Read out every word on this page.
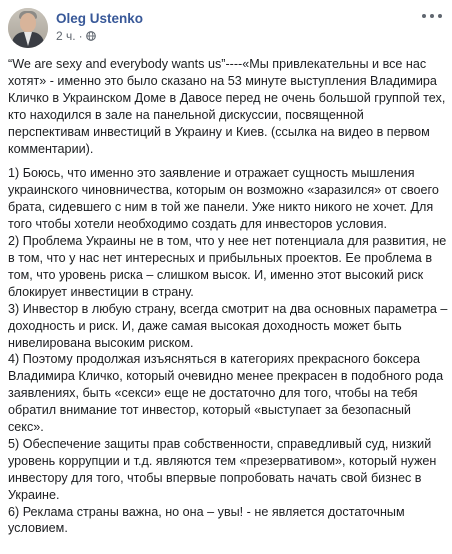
Oleg Ustenko
2 ч. ·

“We are sexy and everybody wants us”----«Мы привлекательны и все нас хотят» - именно это было сказано на 53 минуте выступления Владимира Кличко в Украинском Доме в Давосе перед не очень большой группой тех, кто находился в зале на панельной дискуссии, посвященной перспективам инвестиций в Украину и Киев. (ссылка на видео в первом комментарии).

1) Боюсь, что именно это заявление и отражает сущность мышления украинского чиновничества, которым он возможно «заразился» от своего брата, сидевшего с ним в той же панели. Уже никто никого не хочет. Для того чтобы хотели необходимо создать для инвесторов условия.
2) Проблема Украины не в том, что у нее нет потенциала для развития, не в том, что у нас нет интересных и прибыльных проектов. Ее проблема в том, что уровень риска – слишком высок. И, именно этот высокий риск блокирует инвестиции в страну.
3) Инвестор в любую страну, всегда смотрит на два основных параметра – доходность и риск. И, даже самая высокая доходность может быть нивелирована высоким риском.
4) Поэтому продолжая изъясняться в категориях прекрасного боксера Владимира Кличко, который очевидно менее прекрасен в подобного рода заявлениях, быть «секси» еще не достаточно для того, чтобы на тебя обратил внимание тот инвестор, который «выступает за безопасный секс».
5) Обеспечение защиты прав собственности, справедливый суд, низкий уровень коррупции и т.д. являются тем «презервативом», который нужен инвестору для того, чтобы впервые попробовать начать свой бизнес в Украине.
6) Реклама страны важна, но она – увы! - не является достаточным условием.
